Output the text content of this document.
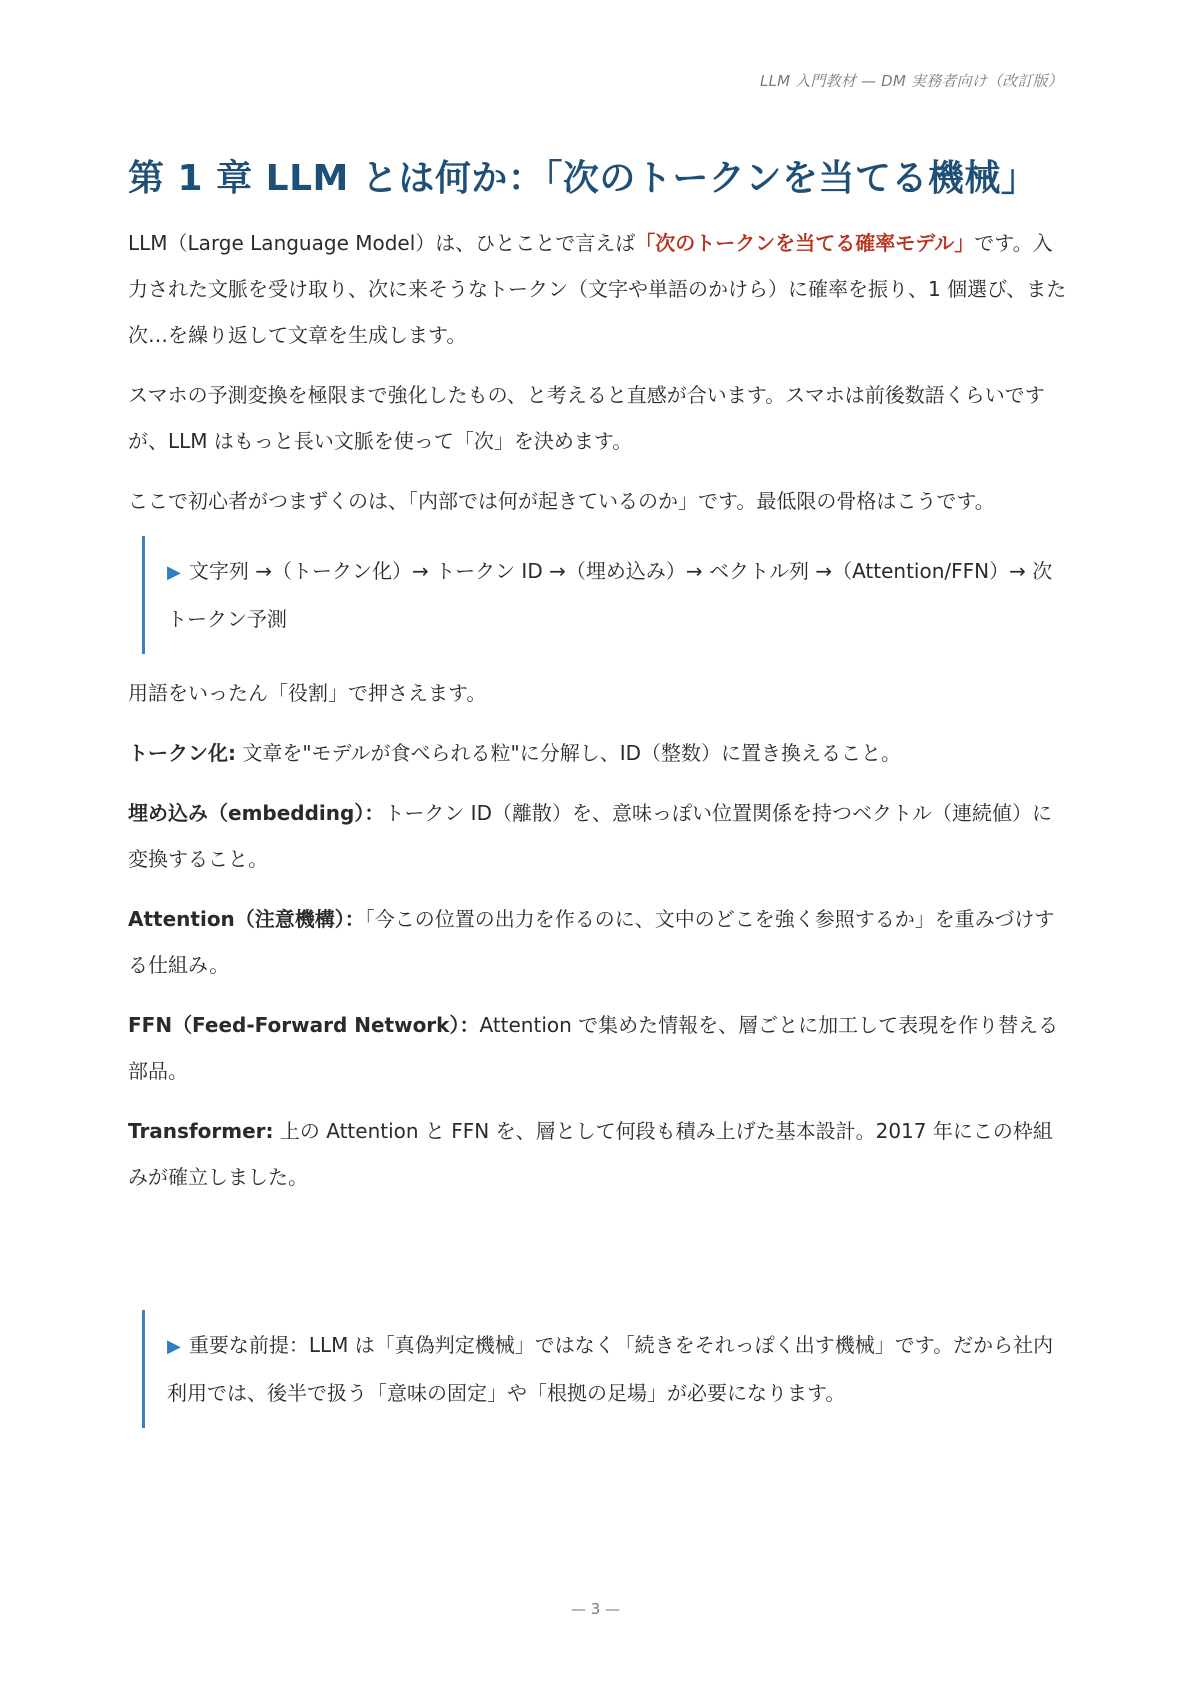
LLM 入門教材 — DM 実務者向け（改訂版）
第 1 章 LLM とは何か：「次のトークンを当てる機械」

LLM（Large Language Model）は、ひとことで言えば「次のトークンを当てる確率モデル」です。入力された文脈を受け取り、次に来そうなトークン（文字や単語のかけら）に確率を振り、1 個選び、また次…を繰り返して文章を生成します。

スマホの予測変換を極限まで強化したもの、と考えると直感が合います。スマホは前後数語くらいですが、LLM はもっと長い文脈を使って「次」を決めます。

ここで初心者がつまずくのは、「内部では何が起きているのか」です。最低限の骨格はこうです。

▶ 文字列 →（トークン化）→ トークン ID →（埋め込み）→ ベクトル列 →（Attention/FFN）→ 次トークン予測

用語をいったん「役割」で押さえます。

トークン化: 文章を"モデルが食べられる粒"に分解し、ID（整数）に置き換えること。

埋め込み（embedding）：トークン ID（離散）を、意味っぽい位置関係を持つベクトル（連続値）に変換すること。

Attention（注意機構）：「今この位置の出力を作るのに、文中のどこを強く参照するか」を重みづけする仕組み。

FFN（Feed-Forward Network）：Attention で集めた情報を、層ごとに加工して表現を作り替える部品。

Transformer: 上の Attention と FFN を、層として何段も積み上げた基本設計。2017 年にこの枠組みが確立しました。

▶ 重要な前提：LLM は「真偽判定機械」ではなく「続きをそれっぽく出す機械」です。だから社内利用では、後半で扱う「意味の固定」や「根拠の足場」が必要になります。

— 3 —
